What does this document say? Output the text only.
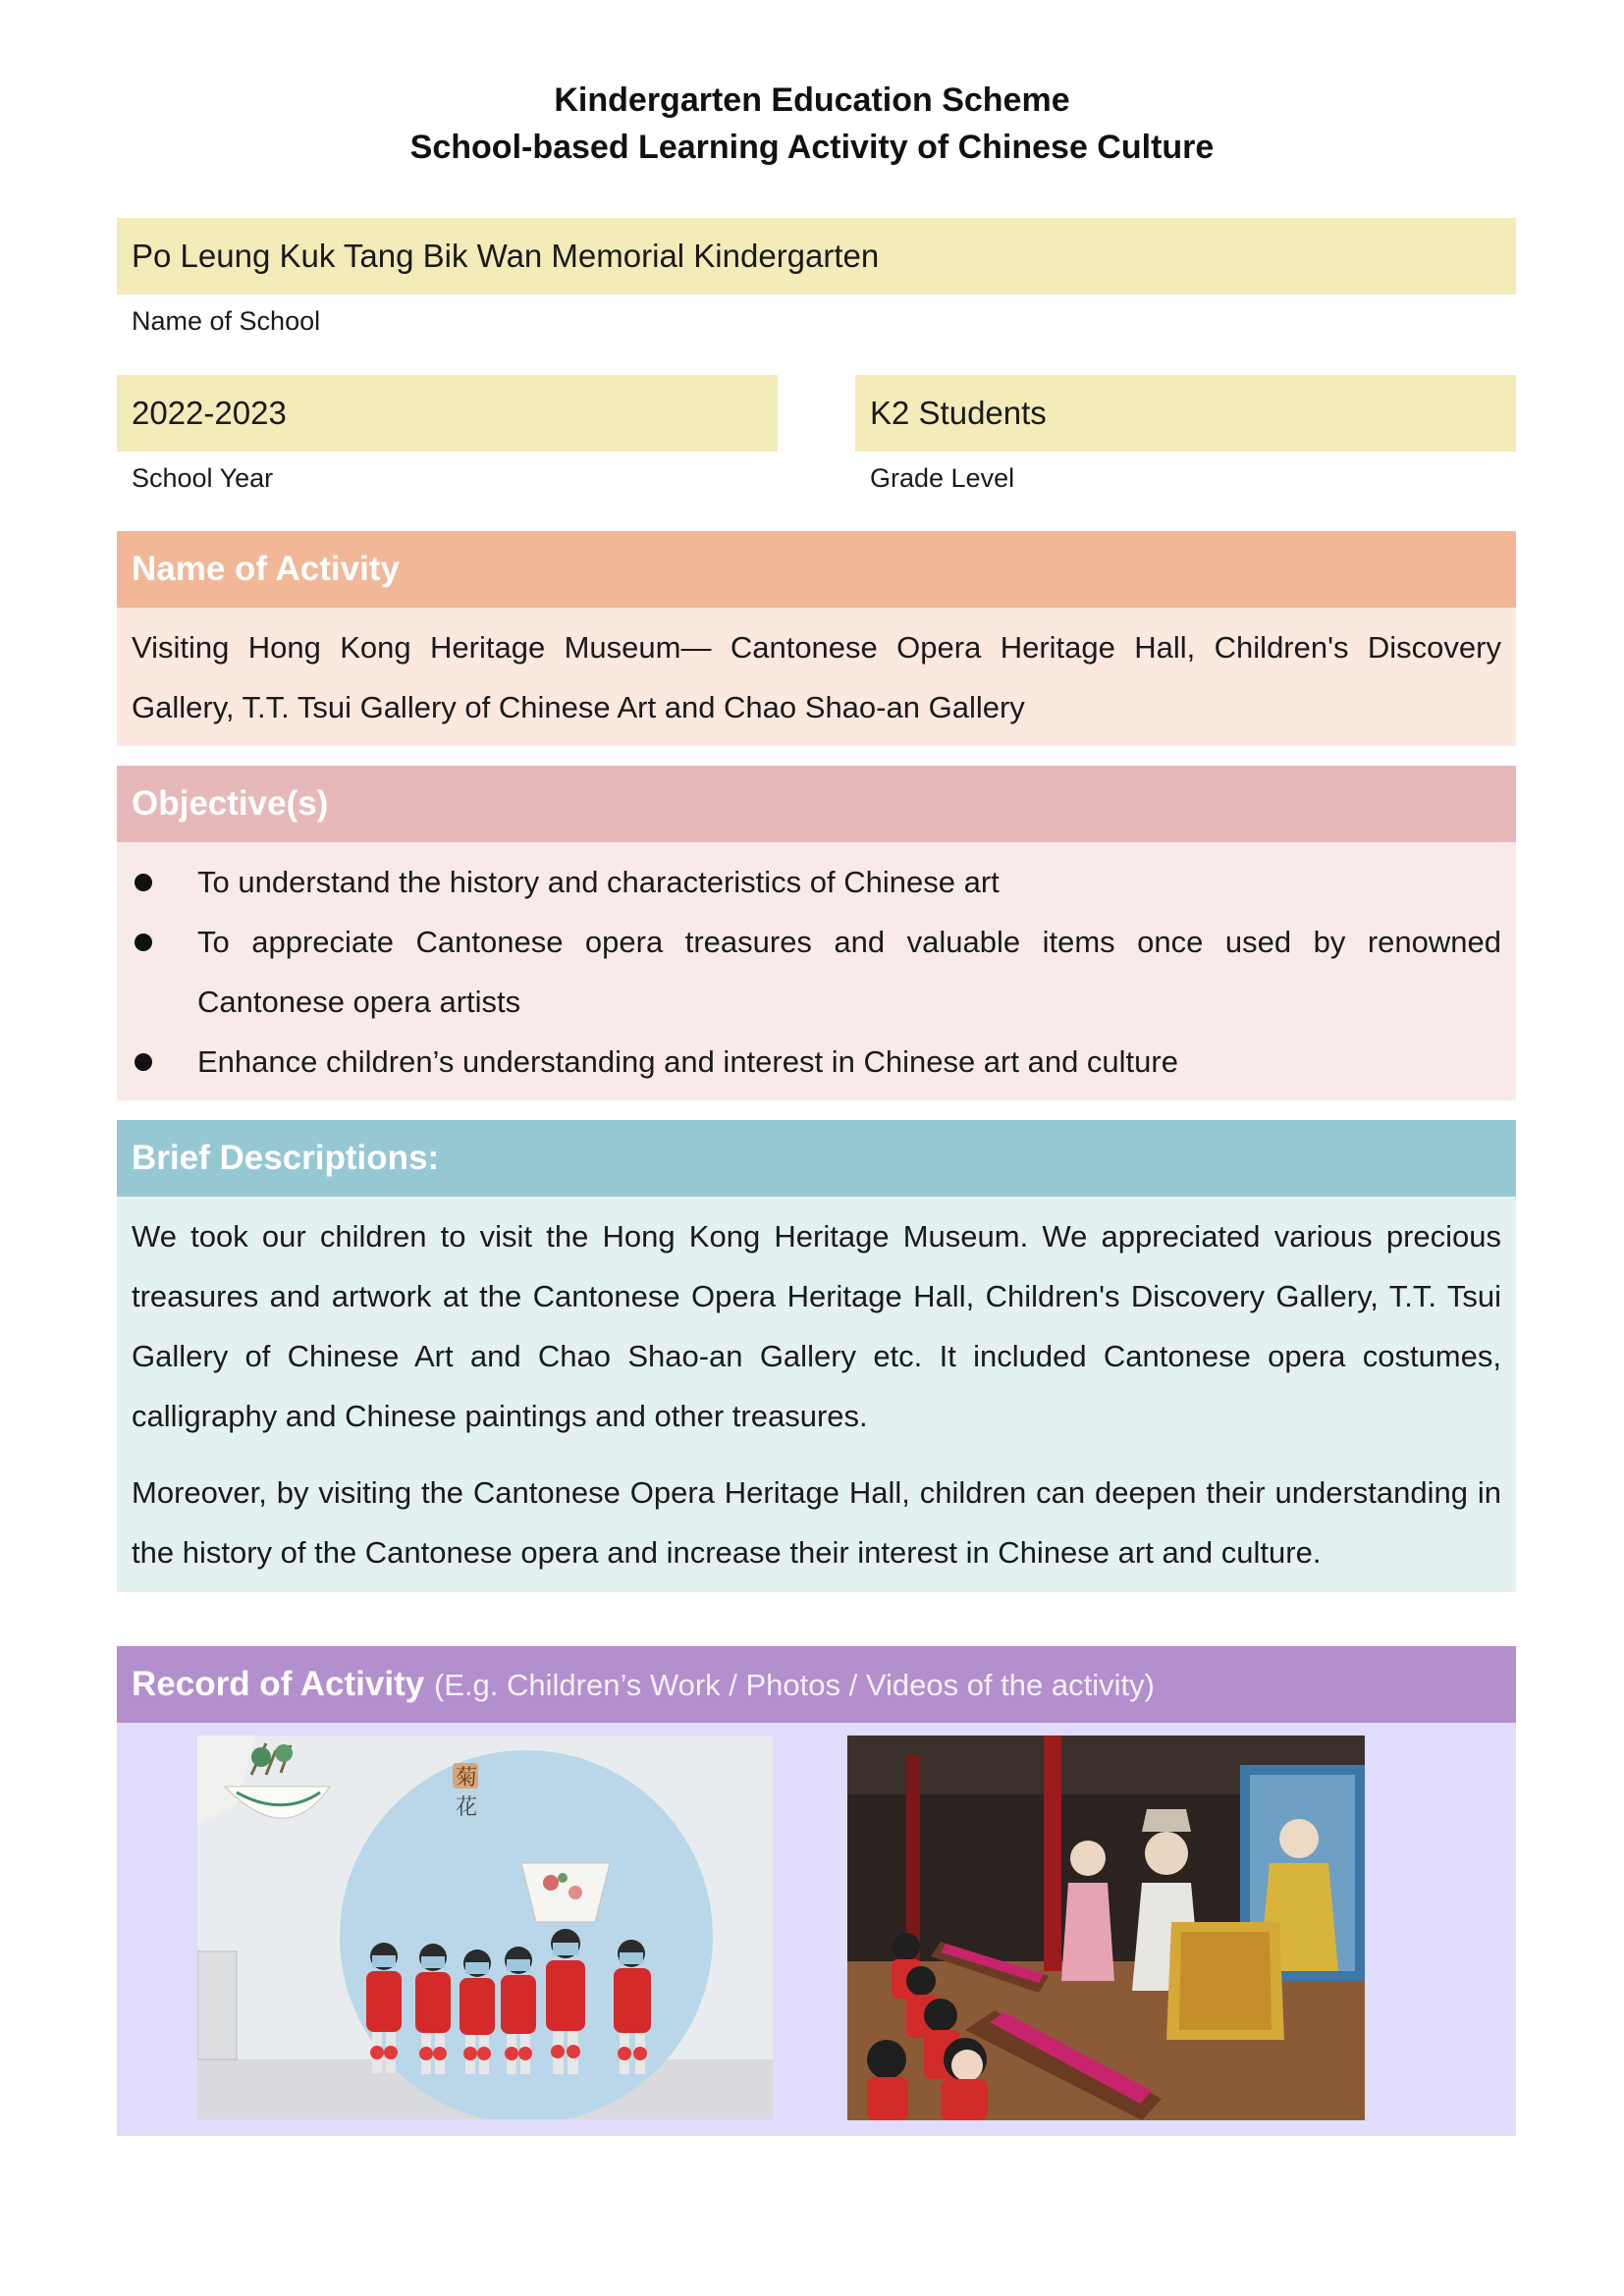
Kindergarten Education Scheme
School-based Learning Activity of Chinese Culture
Po Leung Kuk Tang Bik Wan Memorial Kindergarten
Name of School
2022-2023
School Year
K2 Students
Grade Level
Name of Activity

Visiting Hong Kong Heritage Museum— Cantonese Opera Heritage Hall, Children's Discovery Gallery, T.T. Tsui Gallery of Chinese Art and Chao Shao-an Gallery

Objective(s)
To understand the history and characteristics of Chinese art
To appreciate Cantonese opera treasures and valuable items once used by renowned Cantonese opera artists
Enhance children’s understanding and interest in Chinese art and culture
Brief Descriptions:

We took our children to visit the Hong Kong Heritage Museum. We appreciated various precious treasures and artwork at the Cantonese Opera Heritage Hall, Children's Discovery Gallery, T.T. Tsui Gallery of Chinese Art and Chao Shao-an Gallery etc. It included Cantonese opera costumes, calligraphy and Chinese paintings and other treasures.

Moreover, by visiting the Cantonese Opera Heritage Hall, children can deepen their understanding in the history of the Cantonese opera and increase their interest in Chinese art and culture.

Record of Activity (E.g. Children’s Work / Photos / Videos of the activity)
菊
花
